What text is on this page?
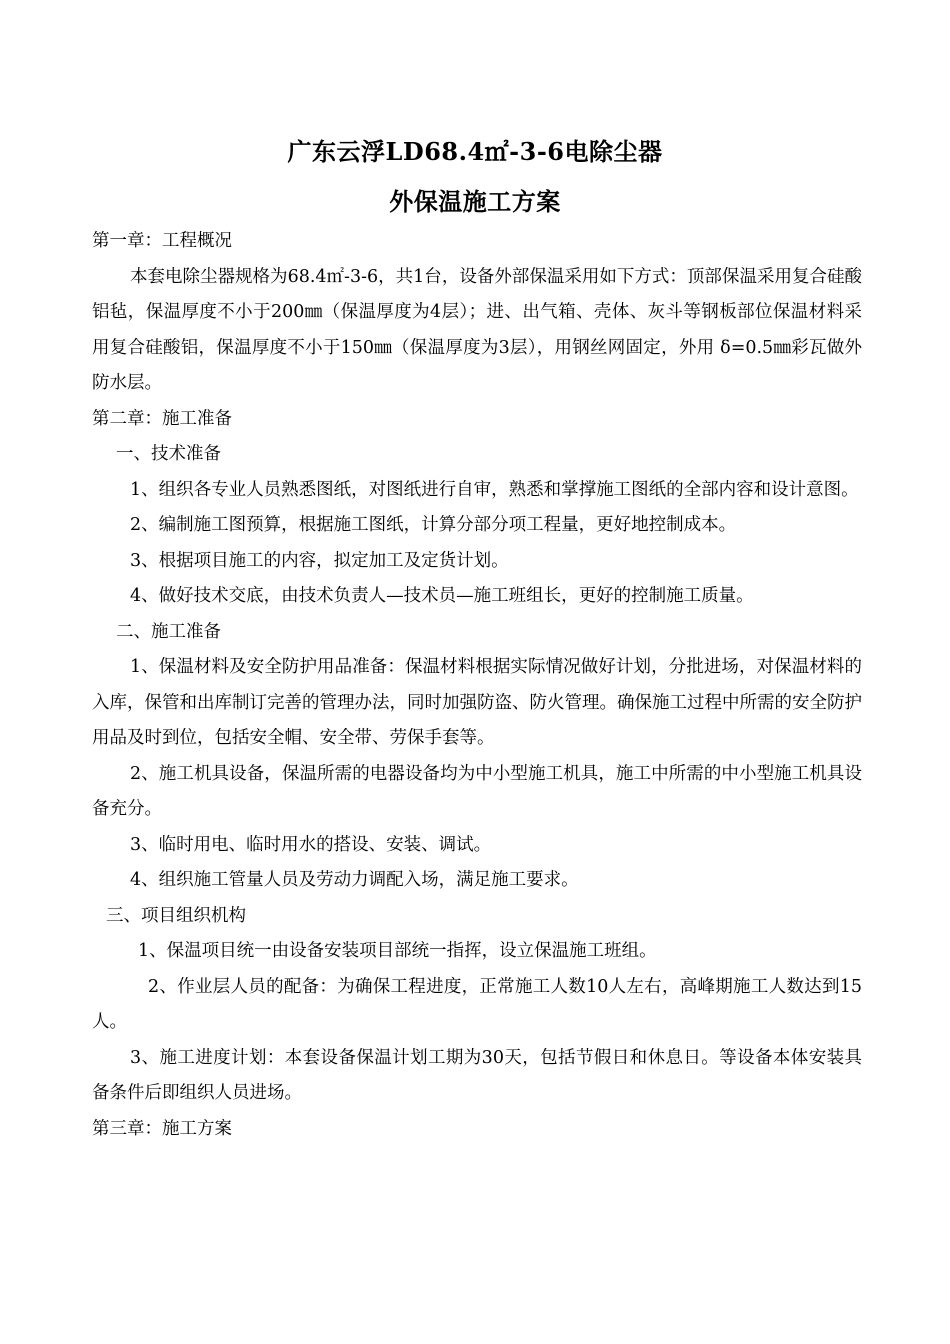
广东云浮LD68.4㎡-3-6电除尘器
外保温施工方案

第一章：工程概况

本套电除尘器规格为68.4㎡-3-6，共1台，设备外部保温采用如下方式：顶部保温采用复合硅酸铝毡，保温厚度不小于200㎜（保温厚度为4层）；进、出气箱、壳体、灰斗等钢板部位保温材料采用复合硅酸铝，保温厚度不小于150㎜（保温厚度为3层），用钢丝网固定，外用 δ=0.5㎜彩瓦做外防水层。

第二章：施工准备

一、技术准备

1、组织各专业人员熟悉图纸，对图纸进行自审，熟悉和掌撑施工图纸的全部内容和设计意图。

2、编制施工图预算，根据施工图纸，计算分部分项工程量，更好地控制成本。

3、根据项目施工的内容，拟定加工及定货计划。

4、做好技术交底，由技术负责人—技术员—施工班组长，更好的控制施工质量。

二、施工准备

1、保温材料及安全防护用品准备：保温材料根据实际情况做好计划，分批进场，对保温材料的入库，保管和出库制订完善的管理办法，同时加强防盗、防火管理。确保施工过程中所需的安全防护用品及时到位，包括安全帽、安全带、劳保手套等。

2、施工机具设备，保温所需的电器设备均为中小型施工机具，施工中所需的中小型施工机具设备充分。

3、临时用电、临时用水的搭设、安装、调试。

4、组织施工管量人员及劳动力调配入场，满足施工要求。

三、项目组织机构

1、保温项目统一由设备安装项目部统一指挥，设立保温施工班组。

2、作业层人员的配备：为确保工程进度，正常施工人数10人左右，高峰期施工人数达到15人。

3、施工进度计划：本套设备保温计划工期为30天，包括节假日和休息日。等设备本体安装具备条件后即组织人员进场。

第三章：施工方案
